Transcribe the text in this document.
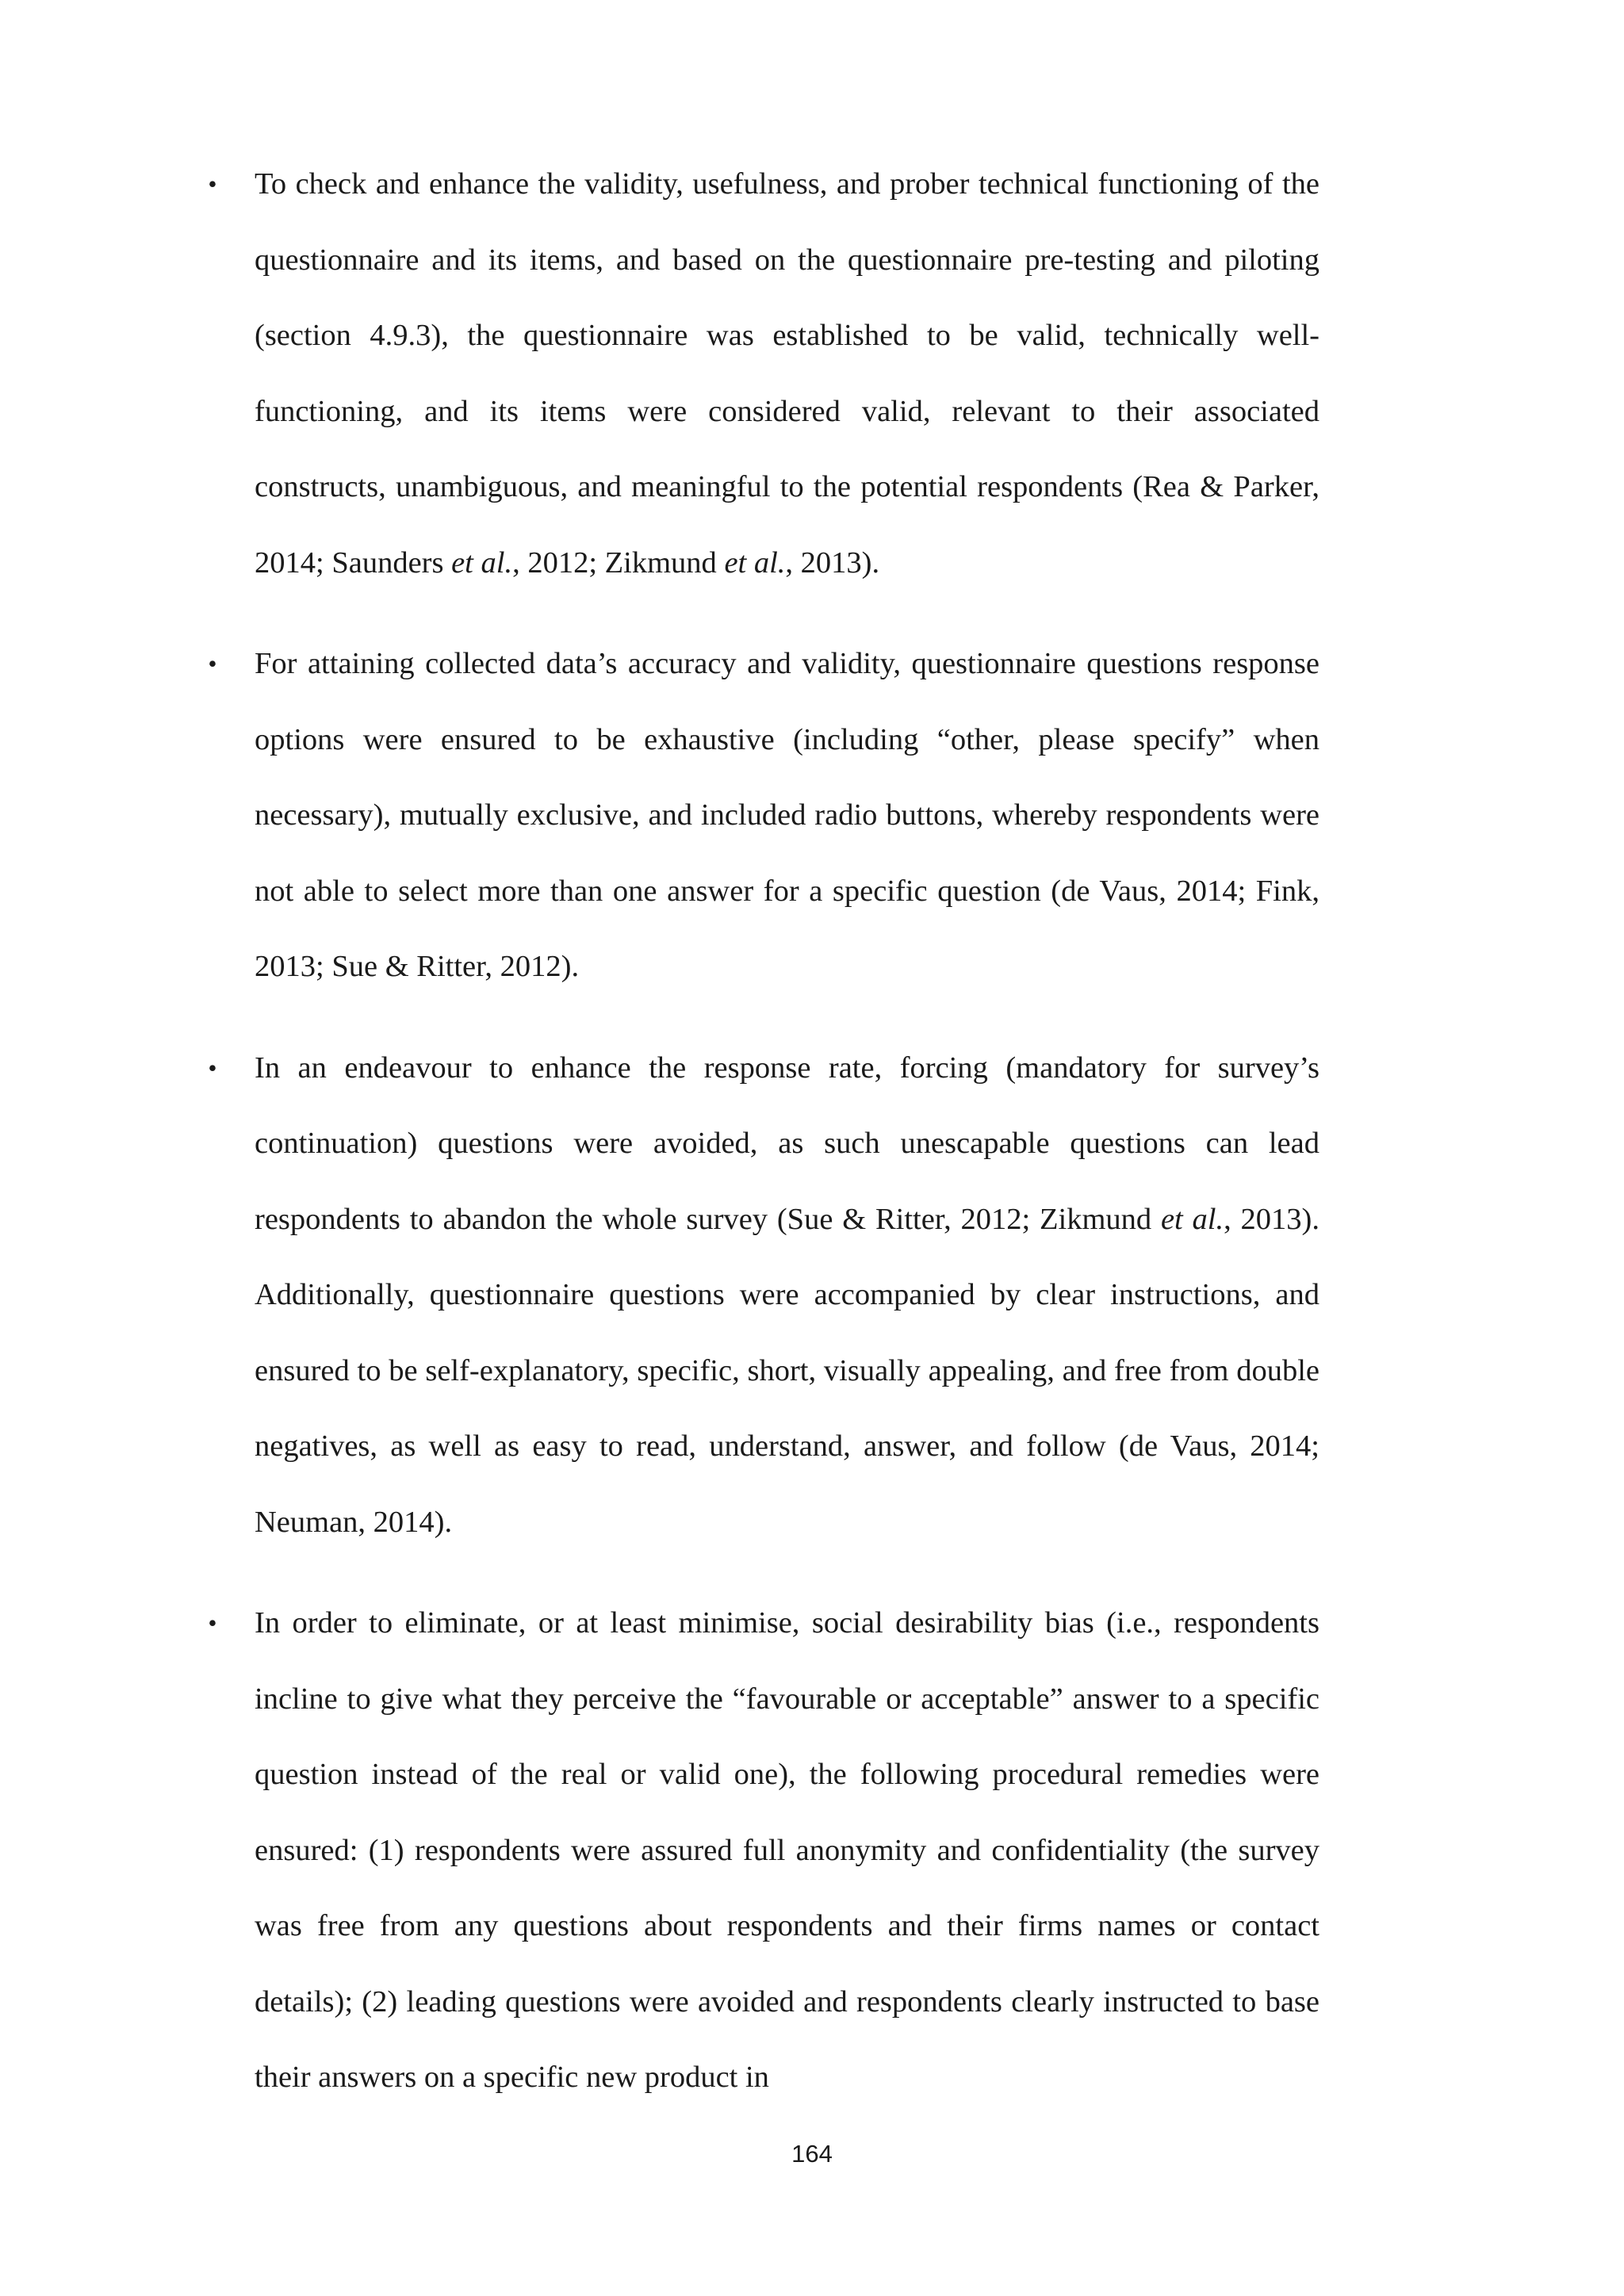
•	To check and enhance the validity, usefulness, and prober technical functioning of the questionnaire and its items, and based on the questionnaire pre-testing and piloting (section 4.9.3), the questionnaire was established to be valid, technically well-functioning, and its items were considered valid, relevant to their associated constructs, unambiguous, and meaningful to the potential respondents (Rea & Parker, 2014; Saunders et al., 2012; Zikmund et al., 2013).

•	For attaining collected data’s accuracy and validity, questionnaire questions response options were ensured to be exhaustive (including “other, please specify” when necessary), mutually exclusive, and included radio buttons, whereby respondents were not able to select more than one answer for a specific question (de Vaus, 2014; Fink, 2013; Sue & Ritter, 2012).

•	In an endeavour to enhance the response rate, forcing (mandatory for survey’s continuation) questions were avoided, as such unescapable questions can lead respondents to abandon the whole survey (Sue & Ritter, 2012; Zikmund et al., 2013). Additionally, questionnaire questions were accompanied by clear instructions, and ensured to be self-explanatory, specific, short, visually appealing, and free from double negatives, as well as easy to read, understand, answer, and follow (de Vaus, 2014; Neuman, 2014).

•	In order to eliminate, or at least minimise, social desirability bias (i.e., respondents incline to give what they perceive the “favourable or acceptable” answer to a specific question instead of the real or valid one), the following procedural remedies were ensured: (1) respondents were assured full anonymity and confidentiality (the survey was free from any questions about respondents and their firms names or contact details); (2) leading questions were avoided and respondents clearly instructed to base their answers on a specific new product in

164
